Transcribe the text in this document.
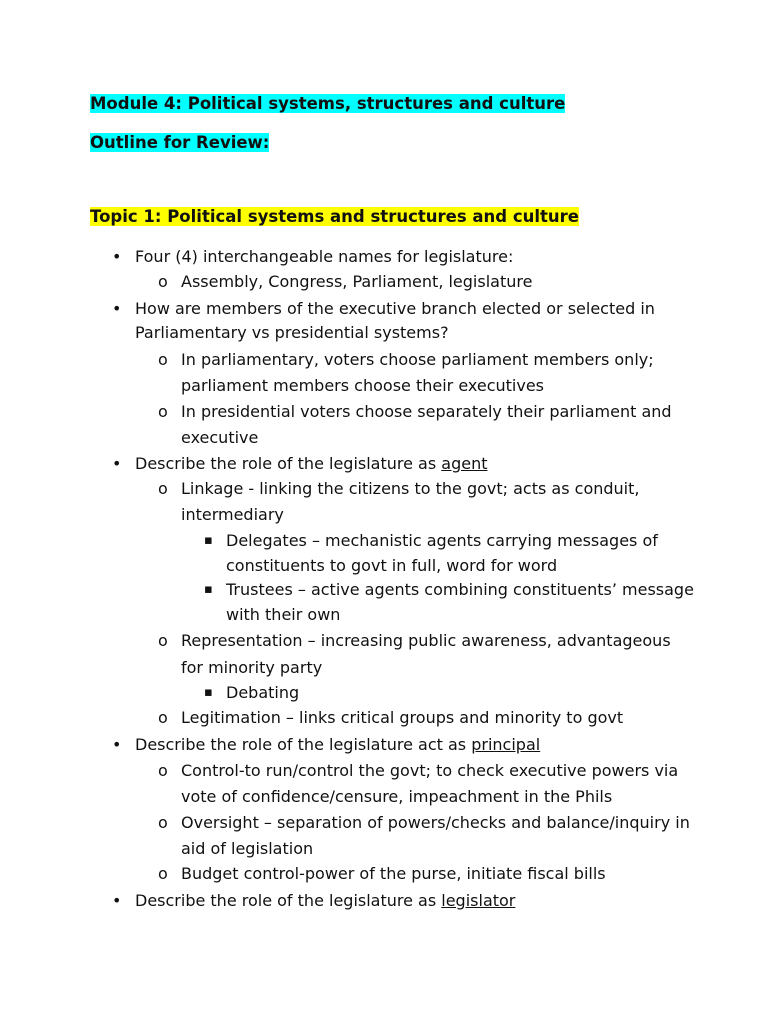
Module 4: Political systems, structures and culture
Outline for Review:
Topic 1: Political systems and structures and culture
Four (4) interchangeable names for legislature:
Assembly, Congress, Parliament, legislature
How are members of the executive branch elected or selected in
Parliamentary vs presidential systems?
In parliamentary, voters choose parliament members only;
parliament members choose their executives
In presidential voters choose separately their parliament and
executive
Describe the role of the legislature as agent
Linkage - linking the citizens to the govt; acts as conduit,
intermediary
Delegates – mechanistic agents carrying messages of
constituents to govt in full, word for word
Trustees – active agents combining constituents’ message
with their own
Representation – increasing public awareness, advantageous
for minority party
Debating
Legitimation – links critical groups and minority to govt
Describe the role of the legislature act as principal
Control-to run/control the govt; to check executive powers via
vote of confidence/censure, impeachment in the Phils
Oversight – separation of powers/checks and balance/inquiry in
aid of legislation
Budget control-power of the purse, initiate fiscal bills
Describe the role of the legislature as legislator
